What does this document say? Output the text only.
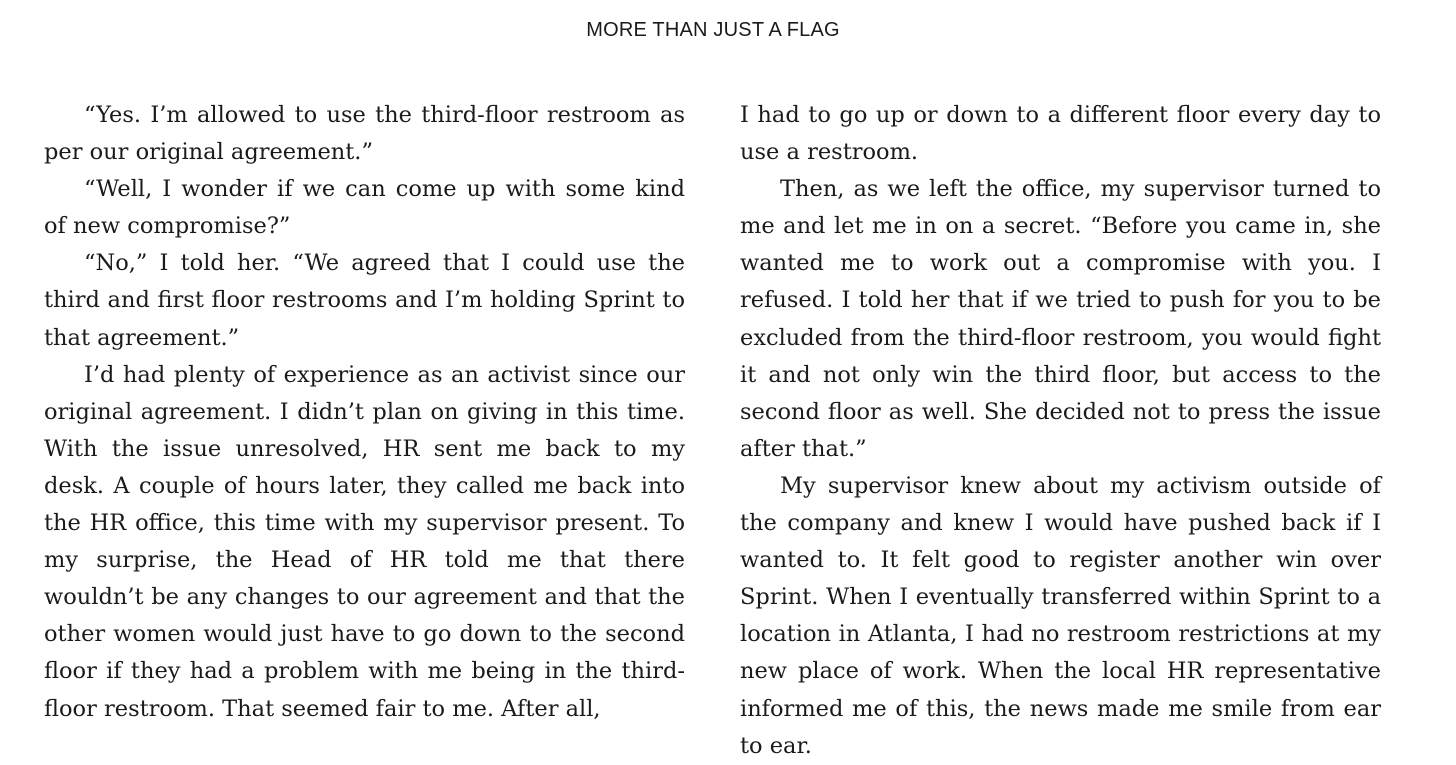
MORE THAN JUST A FLAG

“Yes. I’m allowed to use the third-floor restroom as per our original agreement.”

“Well, I wonder if we can come up with some kind of new compromise?”

“No,” I told her. “We agreed that I could use the third and first floor restrooms and I’m holding Sprint to that agreement.”

I’d had plenty of experience as an activist since our original agreement. I didn’t plan on giving in this time. With the issue unresolved, HR sent me back to my desk. A couple of hours later, they called me back into the HR office, this time with my supervisor present. To my surprise, the Head of HR told me that there wouldn’t be any changes to our agreement and that the other women would just have to go down to the second floor if they had a problem with me being in the third-floor restroom. That seemed fair to me. After all,

I had to go up or down to a different floor every day to use a restroom.

Then, as we left the office, my supervisor turned to me and let me in on a secret. “Before you came in, she wanted me to work out a compromise with you. I refused. I told her that if we tried to push for you to be excluded from the third-floor restroom, you would fight it and not only win the third floor, but access to the second floor as well. She decided not to press the issue after that.”

My supervisor knew about my activism outside of the company and knew I would have pushed back if I wanted to. It felt good to register another win over Sprint. When I eventually transferred within Sprint to a location in Atlanta, I had no restroom restrictions at my new place of work. When the local HR representative informed me of this, the news made me smile from ear to ear.
